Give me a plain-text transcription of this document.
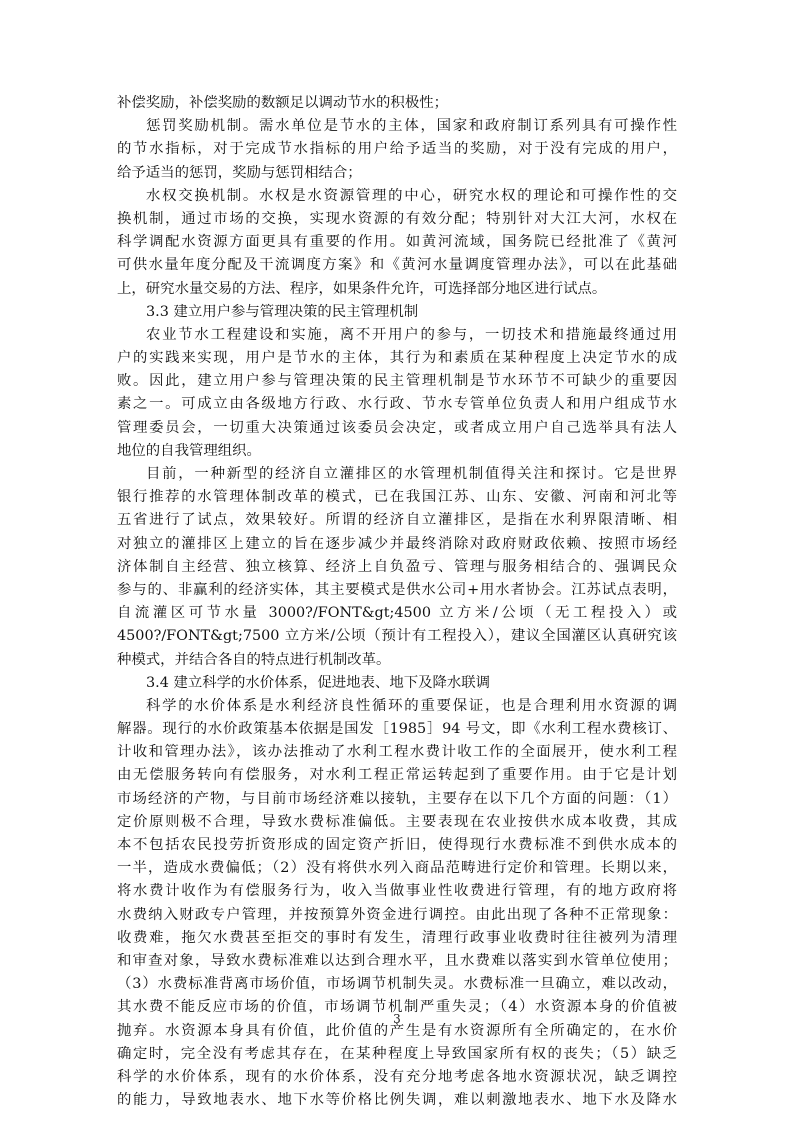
补偿奖励，补偿奖励的数额足以调动节水的积极性；
惩罚奖励机制。需水单位是节水的主体，国家和政府制订系列具有可操作性
的节水指标，对于完成节水指标的用户给予适当的奖励，对于没有完成的用户，
给予适当的惩罚，奖励与惩罚相结合；
水权交换机制。水权是水资源管理的中心，研究水权的理论和可操作性的交
换机制，通过市场的交换，实现水资源的有效分配；特别针对大江大河，水权在
科学调配水资源方面更具有重要的作用。如黄河流域，国务院已经批准了《黄河
可供水量年度分配及干流调度方案》和《黄河水量调度管理办法》，可以在此基础
上，研究水量交易的方法、程序，如果条件允许，可选择部分地区进行试点。
3.3 建立用户参与管理决策的民主管理机制
农业节水工程建设和实施，离不开用户的参与，一切技术和措施最终通过用
户的实践来实现，用户是节水的主体，其行为和素质在某种程度上决定节水的成
败。因此，建立用户参与管理决策的民主管理机制是节水环节不可缺少的重要因
素之一。可成立由各级地方行政、水行政、节水专管单位负责人和用户组成节水
管理委员会，一切重大决策通过该委员会决定，或者成立用户自己选举具有法人
地位的自我管理组织。
目前，一种新型的经济自立灌排区的水管理机制值得关注和探讨。它是世界
银行推荐的水管理体制改革的模式，已在我国江苏、山东、安徽、河南和河北等
五省进行了试点，效果较好。所谓的经济自立灌排区，是指在水利界限清晰、相
对独立的灌排区上建立的旨在逐步减少并最终消除对政府财政依赖、按照市场经
济体制自主经营、独立核算、经济上自负盈亏、管理与服务相结合的、强调民众
参与的、非赢利的经济实体，其主要模式是供水公司+用水者协会。江苏试点表明，
自流灌区可节水量 3000?/FONT&gt;4500 立方米/公顷（无工程投入）或
4500?/FONT&gt;7500 立方米/公顷（预计有工程投入），建议全国灌区认真研究该
种模式，并结合各自的特点进行机制改革。
3.4 建立科学的水价体系，促进地表、地下及降水联调
科学的水价体系是水利经济良性循环的重要保证，也是合理利用水资源的调
解器。现行的水价政策基本依据是国发［1985］94 号文，即《水利工程水费核订、
计收和管理办法》，该办法推动了水利工程水费计收工作的全面展开，使水利工程
由无偿服务转向有偿服务，对水利工程正常运转起到了重要作用。由于它是计划
市场经济的产物，与目前市场经济难以接轨，主要存在以下几个方面的问题：（1）
定价原则极不合理，导致水费标准偏低。主要表现在农业按供水成本收费，其成
本不包括农民投劳折资形成的固定资产折旧，使得现行水费标准不到供水成本的
一半，造成水费偏低；（2）没有将供水列入商品范畴进行定价和管理。长期以来，
将水费计收作为有偿服务行为，收入当做事业性收费进行管理，有的地方政府将
水费纳入财政专户管理，并按预算外资金进行调控。由此出现了各种不正常现象：
收费难，拖欠水费甚至拒交的事时有发生，清理行政事业收费时往往被列为清理
和审查对象，导致水费标准难以达到合理水平，且水费难以落实到水管单位使用；
（3）水费标准背离市场价值，市场调节机制失灵。水费标准一旦确立，难以改动，
其水费不能反应市场的价值，市场调节机制严重失灵；（4）水资源本身的价值被
抛弃。水资源本身具有价值，此价值的产生是有水资源所有全所确定的，在水价
确定时，完全没有考虑其存在，在某种程度上导致国家所有权的丧失；（5）缺乏
科学的水价体系，现有的水价体系，没有充分地考虑各地水资源状况，缺乏调控
的能力，导致地表水、地下水等价格比例失调，难以刺激地表水、地下水及降水
3
